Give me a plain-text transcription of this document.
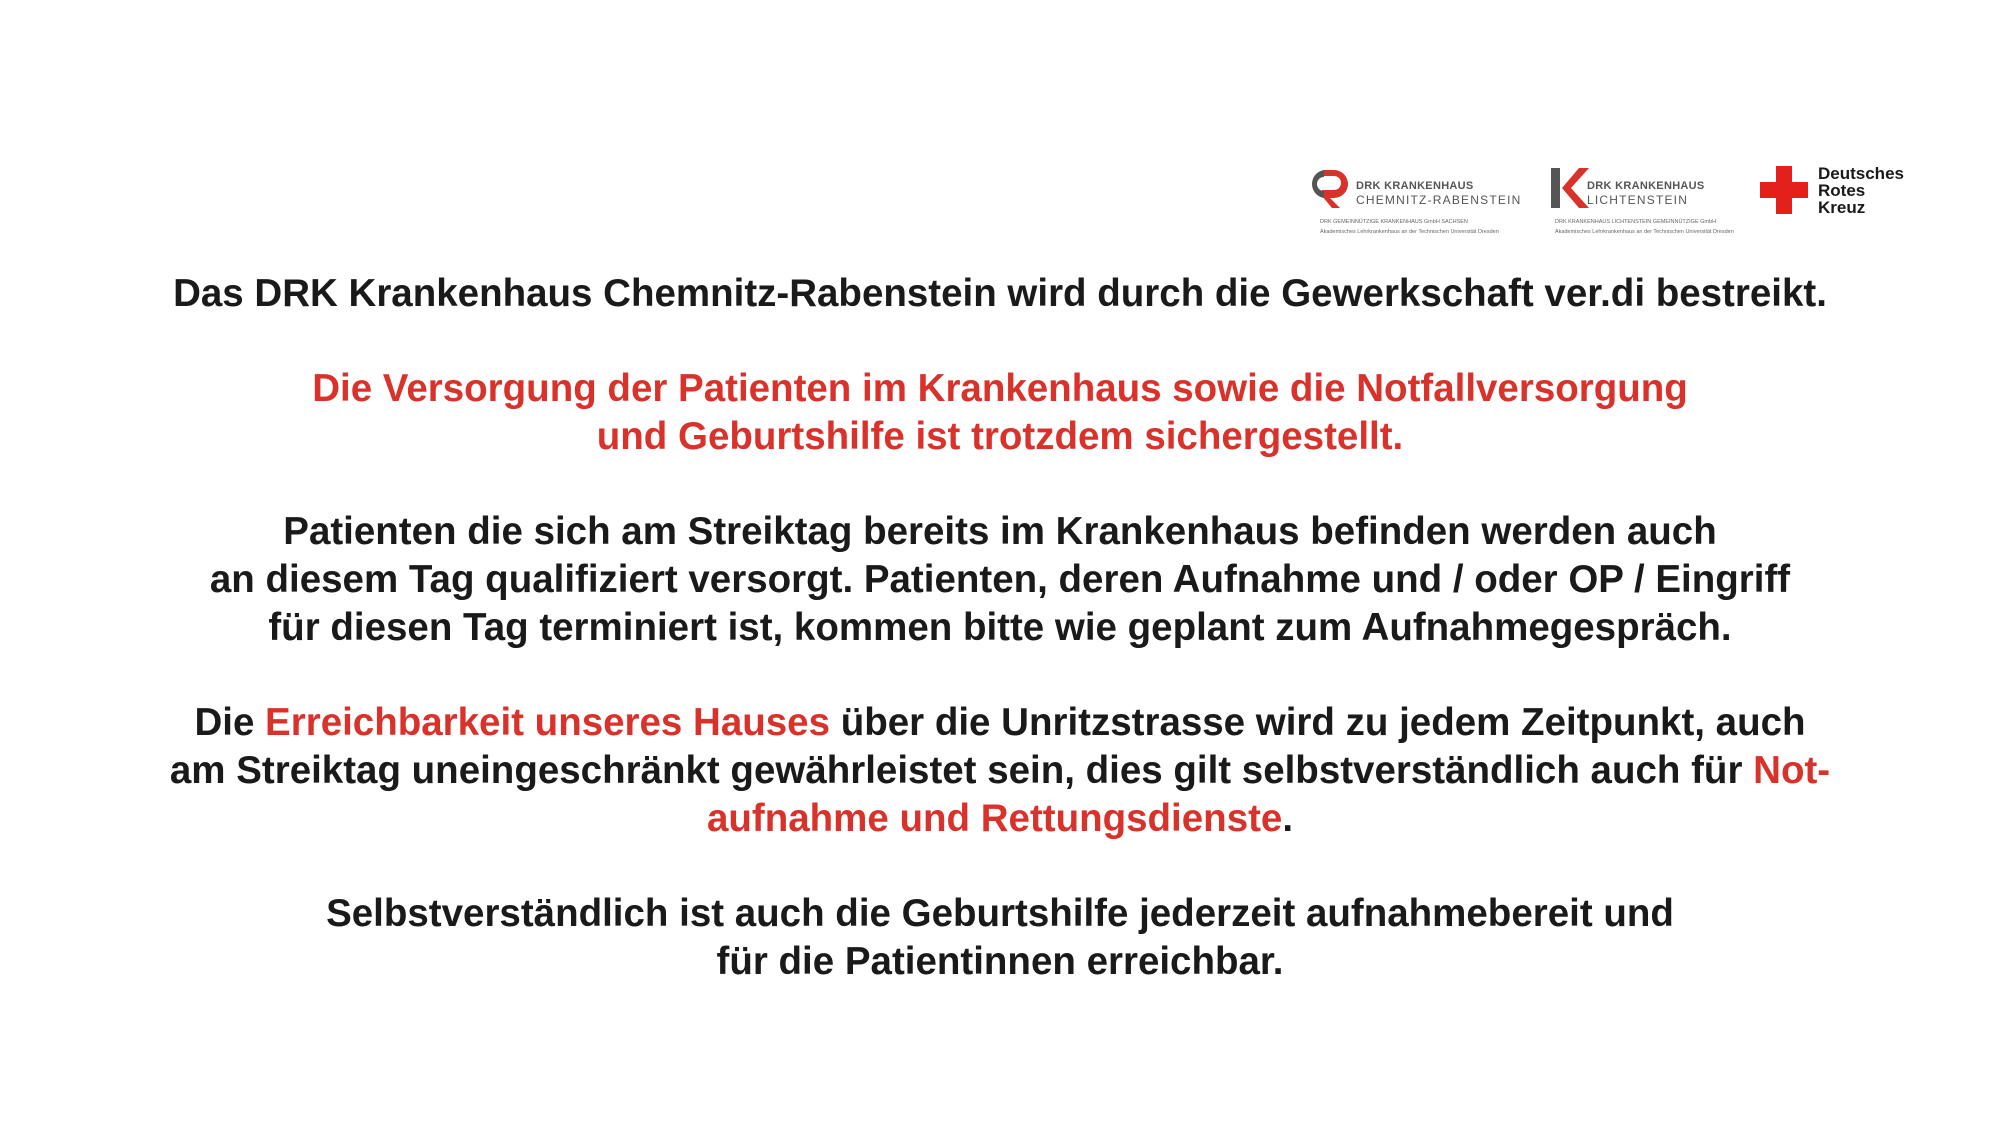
DRK KRANKENHAUS
CHEMNITZ-RABENSTEIN
DRK GEMEINNÜTZIGE KRANKENHAUS GmbH SACHSEN
Akademisches Lehrkrankenhaus an der Technischen Universität Dresden
DRK KRANKENHAUS
LICHTENSTEIN
DRK KRANKENHAUS LICHTENSTEIN GEMEINNÜTZIGE GmbH
Akademisches Lehrkrankenhaus an der Technischen Universität Dresden
Deutsches
Rotes
Kreuz
Das DRK Krankenhaus Chemnitz-Rabenstein wird durch die Gewerkschaft ver.di bestreikt.
Die Versorgung der Patienten im Krankenhaus sowie die Notfallversorgung
und Geburtshilfe ist trotzdem sichergestellt.
Patienten die sich am Streiktag bereits im Krankenhaus befinden werden auch
an diesem Tag qualifiziert versorgt. Patienten, deren Aufnahme und / oder OP / Eingriff
für diesen Tag terminiert ist, kommen bitte wie geplant zum Aufnahmegespräch.
Die Erreichbarkeit unseres Hauses über die Unritzstrasse wird zu jedem Zeitpunkt, auch
am Streiktag uneingeschränkt gewährleistet sein, dies gilt selbstverständlich auch für Not-
aufnahme und Rettungsdienste.
Selbstverständlich ist auch die Geburtshilfe jederzeit aufnahmebereit und
für die Patientinnen erreichbar.
